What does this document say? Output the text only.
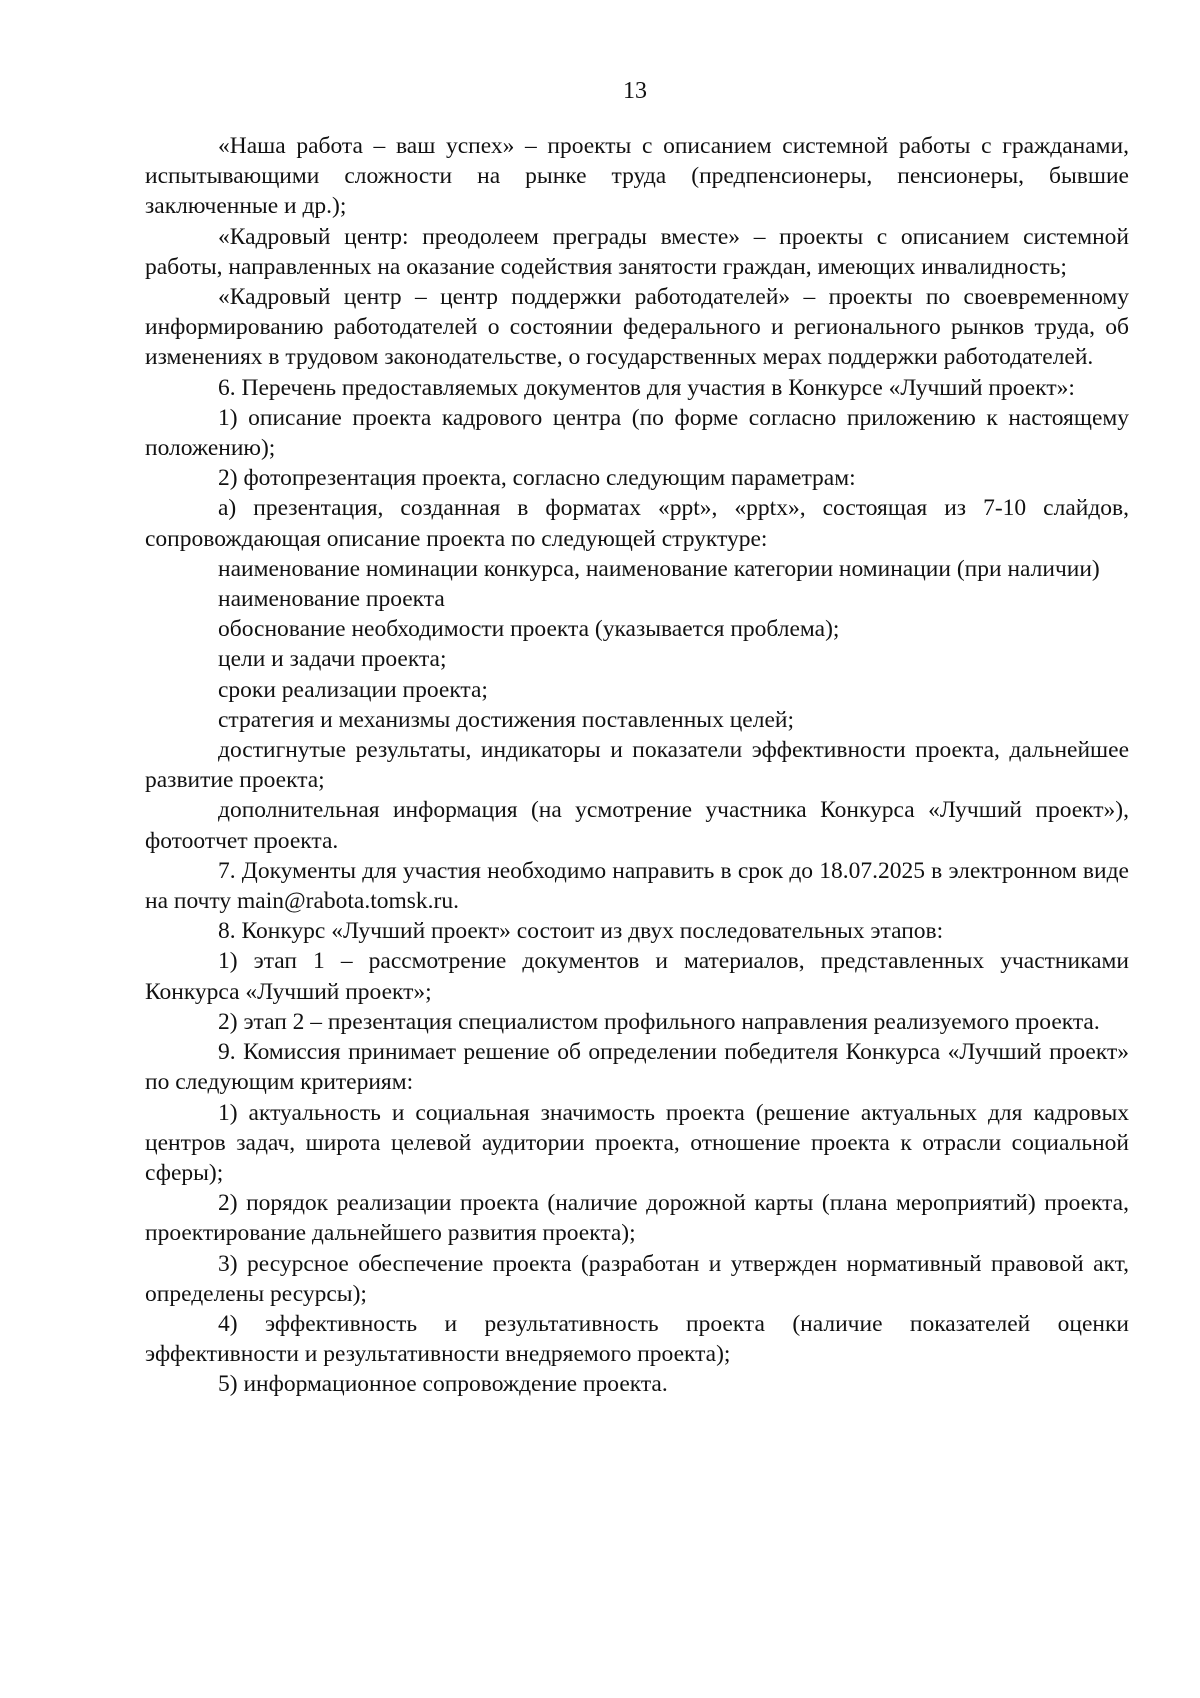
13

«Наша работа – ваш успех» – проекты с описанием системной работы с гражданами, испытывающими сложности на рынке труда (предпенсионеры, пенсионеры, бывшие заключенные и др.);

«Кадровый центр: преодолеем преграды вместе» – проекты с описанием системной работы, направленных на оказание содействия занятости граждан, имеющих инвалидность;

«Кадровый центр – центр поддержки работодателей» – проекты по своевременному информированию работодателей о состоянии федерального и регионального рынков труда, об изменениях в трудовом законодательстве, о государственных мерах поддержки работодателей.

6. Перечень предоставляемых документов для участия в Конкурсе «Лучший проект»:

1) описание проекта кадрового центра (по форме согласно приложению к настоящему положению);

2) фотопрезентация проекта, согласно следующим параметрам:

а) презентация, созданная в форматах «ppt», «pptx», состоящая из 7-10 слайдов, сопровождающая описание проекта по следующей структуре:

наименование номинации конкурса, наименование категории номинации (при наличии)

наименование проекта

обоснование необходимости проекта (указывается проблема);

цели и задачи проекта;

сроки реализации проекта;

стратегия и механизмы достижения поставленных целей;

достигнутые результаты, индикаторы и показатели эффективности проекта, дальнейшее развитие проекта;

дополнительная информация (на усмотрение участника Конкурса «Лучший проект»), фотоотчет проекта.

7. Документы для участия необходимо направить в срок до 18.07.2025 в электронном виде на почту main@rabota.tomsk.ru.

8. Конкурс «Лучший проект» состоит из двух последовательных этапов:

1) этап 1 – рассмотрение документов и материалов, представленных участниками Конкурса «Лучший проект»;

2) этап 2 – презентация специалистом профильного направления реализуемого проекта.

9. Комиссия принимает решение об определении победителя Конкурса «Лучший проект» по следующим критериям:

1) актуальность и социальная значимость проекта (решение актуальных для кадровых центров задач, широта целевой аудитории проекта, отношение проекта к отрасли социальной сферы);

2) порядок реализации проекта (наличие дорожной карты (плана мероприятий) проекта, проектирование дальнейшего развития проекта);

3) ресурсное обеспечение проекта (разработан и утвержден нормативный правовой акт, определены ресурсы);

4) эффективность и результативность проекта (наличие показателей оценки эффективности и результативности внедряемого проекта);

5) информационное сопровождение проекта.
